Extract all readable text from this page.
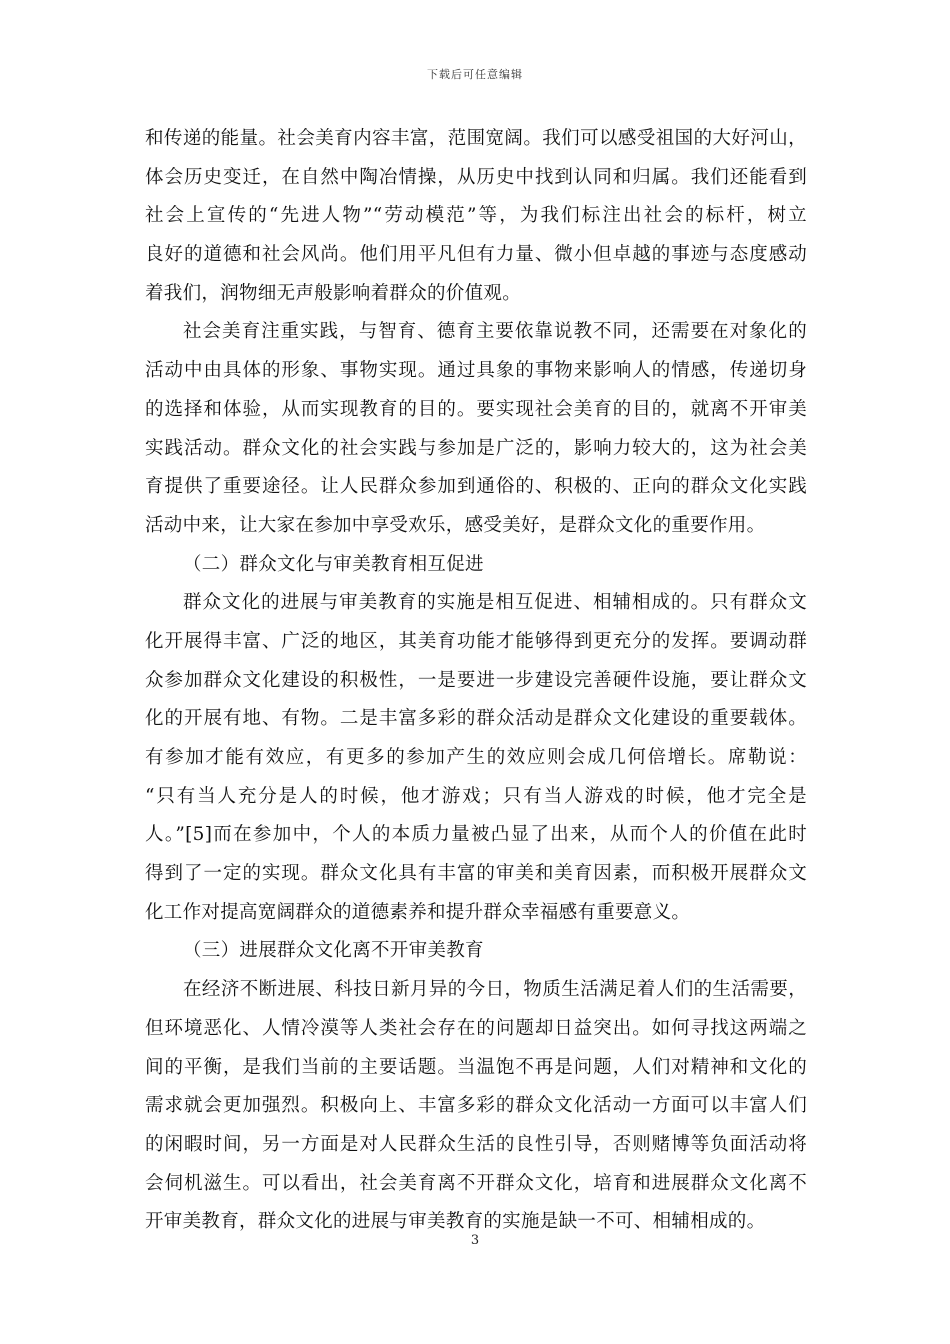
下载后可任意编辑
和传递的能量。社会美育内容丰富，范围宽阔。我们可以感受祖国的大好河山，
体会历史变迁，在自然中陶冶情操，从历史中找到认同和归属。我们还能看到
社会上宣传的“先进人物”“劳动模范”等，为我们标注出社会的标杆，树立
良好的道德和社会风尚。他们用平凡但有力量、微小但卓越的事迹与态度感动
着我们，润物细无声般影响着群众的价值观。
社会美育注重实践，与智育、德育主要依靠说教不同，还需要在对象化的
活动中由具体的形象、事物实现。通过具象的事物来影响人的情感，传递切身
的选择和体验，从而实现教育的目的。要实现社会美育的目的，就离不开审美
实践活动。群众文化的社会实践与参加是广泛的，影响力较大的，这为社会美
育提供了重要途径。让人民群众参加到通俗的、积极的、正向的群众文化实践
活动中来，让大家在参加中享受欢乐，感受美好，是群众文化的重要作用。
（二）群众文化与审美教育相互促进
群众文化的进展与审美教育的实施是相互促进、相辅相成的。只有群众文
化开展得丰富、广泛的地区，其美育功能才能够得到更充分的发挥。要调动群
众参加群众文化建设的积极性，一是要进一步建设完善硬件设施，要让群众文
化的开展有地、有物。二是丰富多彩的群众活动是群众文化建设的重要载体。
有参加才能有效应，有更多的参加产生的效应则会成几何倍增长。席勒说：
“只有当人充分是人的时候，他才游戏；只有当人游戏的时候，他才完全是
人。”[5]而在参加中，个人的本质力量被凸显了出来，从而个人的价值在此时
得到了一定的实现。群众文化具有丰富的审美和美育因素，而积极开展群众文
化工作对提高宽阔群众的道德素养和提升群众幸福感有重要意义。
（三）进展群众文化离不开审美教育
在经济不断进展、科技日新月异的今日，物质生活满足着人们的生活需要，
但环境恶化、人情冷漠等人类社会存在的问题却日益突出。如何寻找这两端之
间的平衡，是我们当前的主要话题。当温饱不再是问题，人们对精神和文化的
需求就会更加强烈。积极向上、丰富多彩的群众文化活动一方面可以丰富人们
的闲暇时间，另一方面是对人民群众生活的良性引导，否则赌博等负面活动将
会伺机滋生。可以看出，社会美育离不开群众文化，培育和进展群众文化离不
开审美教育，群众文化的进展与审美教育的实施是缺一不可、相辅相成的。
3
